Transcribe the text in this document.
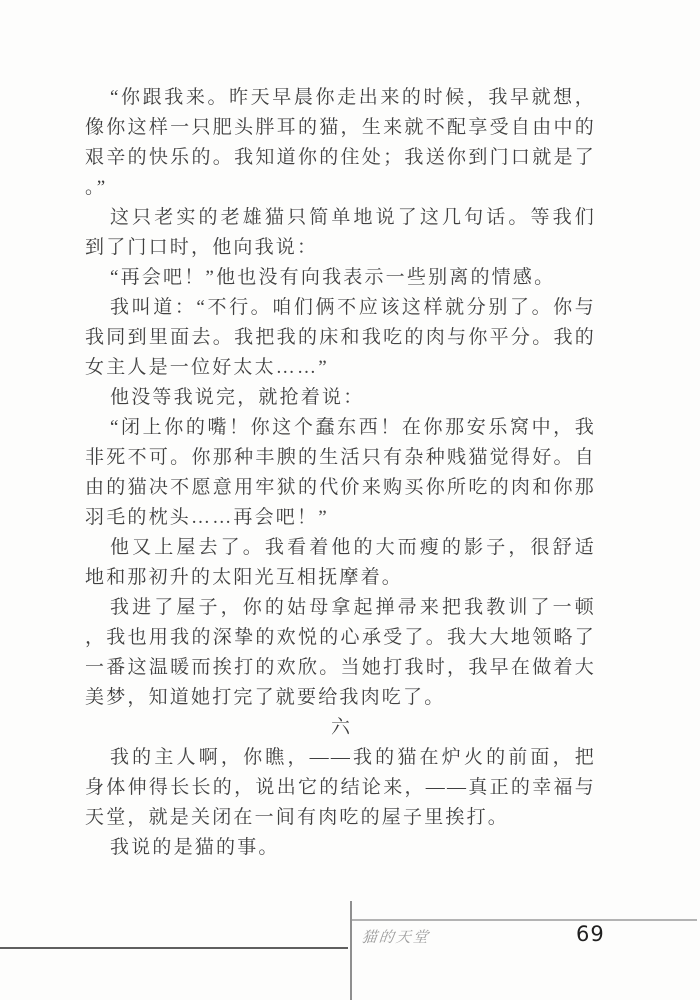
“你跟我来。昨天早晨你走出来的时候，我早就想，像你这样一只肥头胖耳的猫，生来就不配享受自由中的艰辛的快乐的。我知道你的住处；我送你到门口就是了。”

这只老实的老雄猫只简单地说了这几句话。等我们到了门口时，他向我说：

“再会吧！”他也没有向我表示一些别离的情感。

我叫道：“不行。咱们俩不应该这样就分别了。你与我同到里面去。我把我的床和我吃的肉与你平分。我的女主人是一位好太太……”

他没等我说完，就抢着说：

“闭上你的嘴！你这个蠢东西！在你那安乐窝中，我非死不可。你那种丰腴的生活只有杂种贱猫觉得好。自由的猫决不愿意用牢狱的代价来购买你所吃的肉和你那羽毛的枕头……再会吧！”

他又上屋去了。我看着他的大而瘦的影子，很舒适地和那初升的太阳光互相抚摩着。

我进了屋子，你的姑母拿起掸帚来把我教训了一顿，我也用我的深挚的欢悦的心承受了。我大大地领略了一番这温暖而挨打的欢欣。当她打我时，我早在做着大美梦，知道她打完了就要给我肉吃了。

六

我的主人啊，你瞧，——我的猫在炉火的前面，把身体伸得长长的，说出它的结论来，——真正的幸福与天堂，就是关闭在一间有肉吃的屋子里挨打。

我说的是猫的事。

猫的天堂	69
